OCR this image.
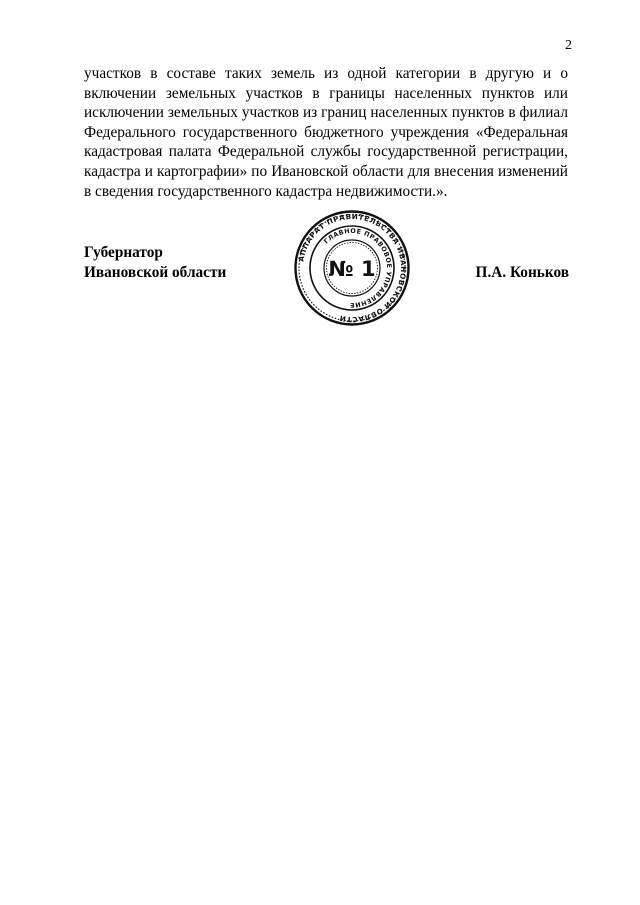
2
участков в составе таких земель из одной категории в другую и о
включении земельных участков в границы населенных пунктов или
исключении земельных участков из границ населенных пунктов в филиал
Федерального государственного бюджетного учреждения «Федеральная
кадастровая палата Федеральной службы государственной регистрации,
кадастра и картографии» по Ивановской области для внесения изменений
в сведения государственного кадастра недвижимости.».
Губернатор
Ивановской области	П.А. Коньков
АППАРАТ ПРАВИТЕЛЬСТВА ИВАНОВСКОЙ ОБЛАСТИ
ГЛАВНОЕ ПРАВОВОЕ УПРАВЛЕНИЕ
№ 1
